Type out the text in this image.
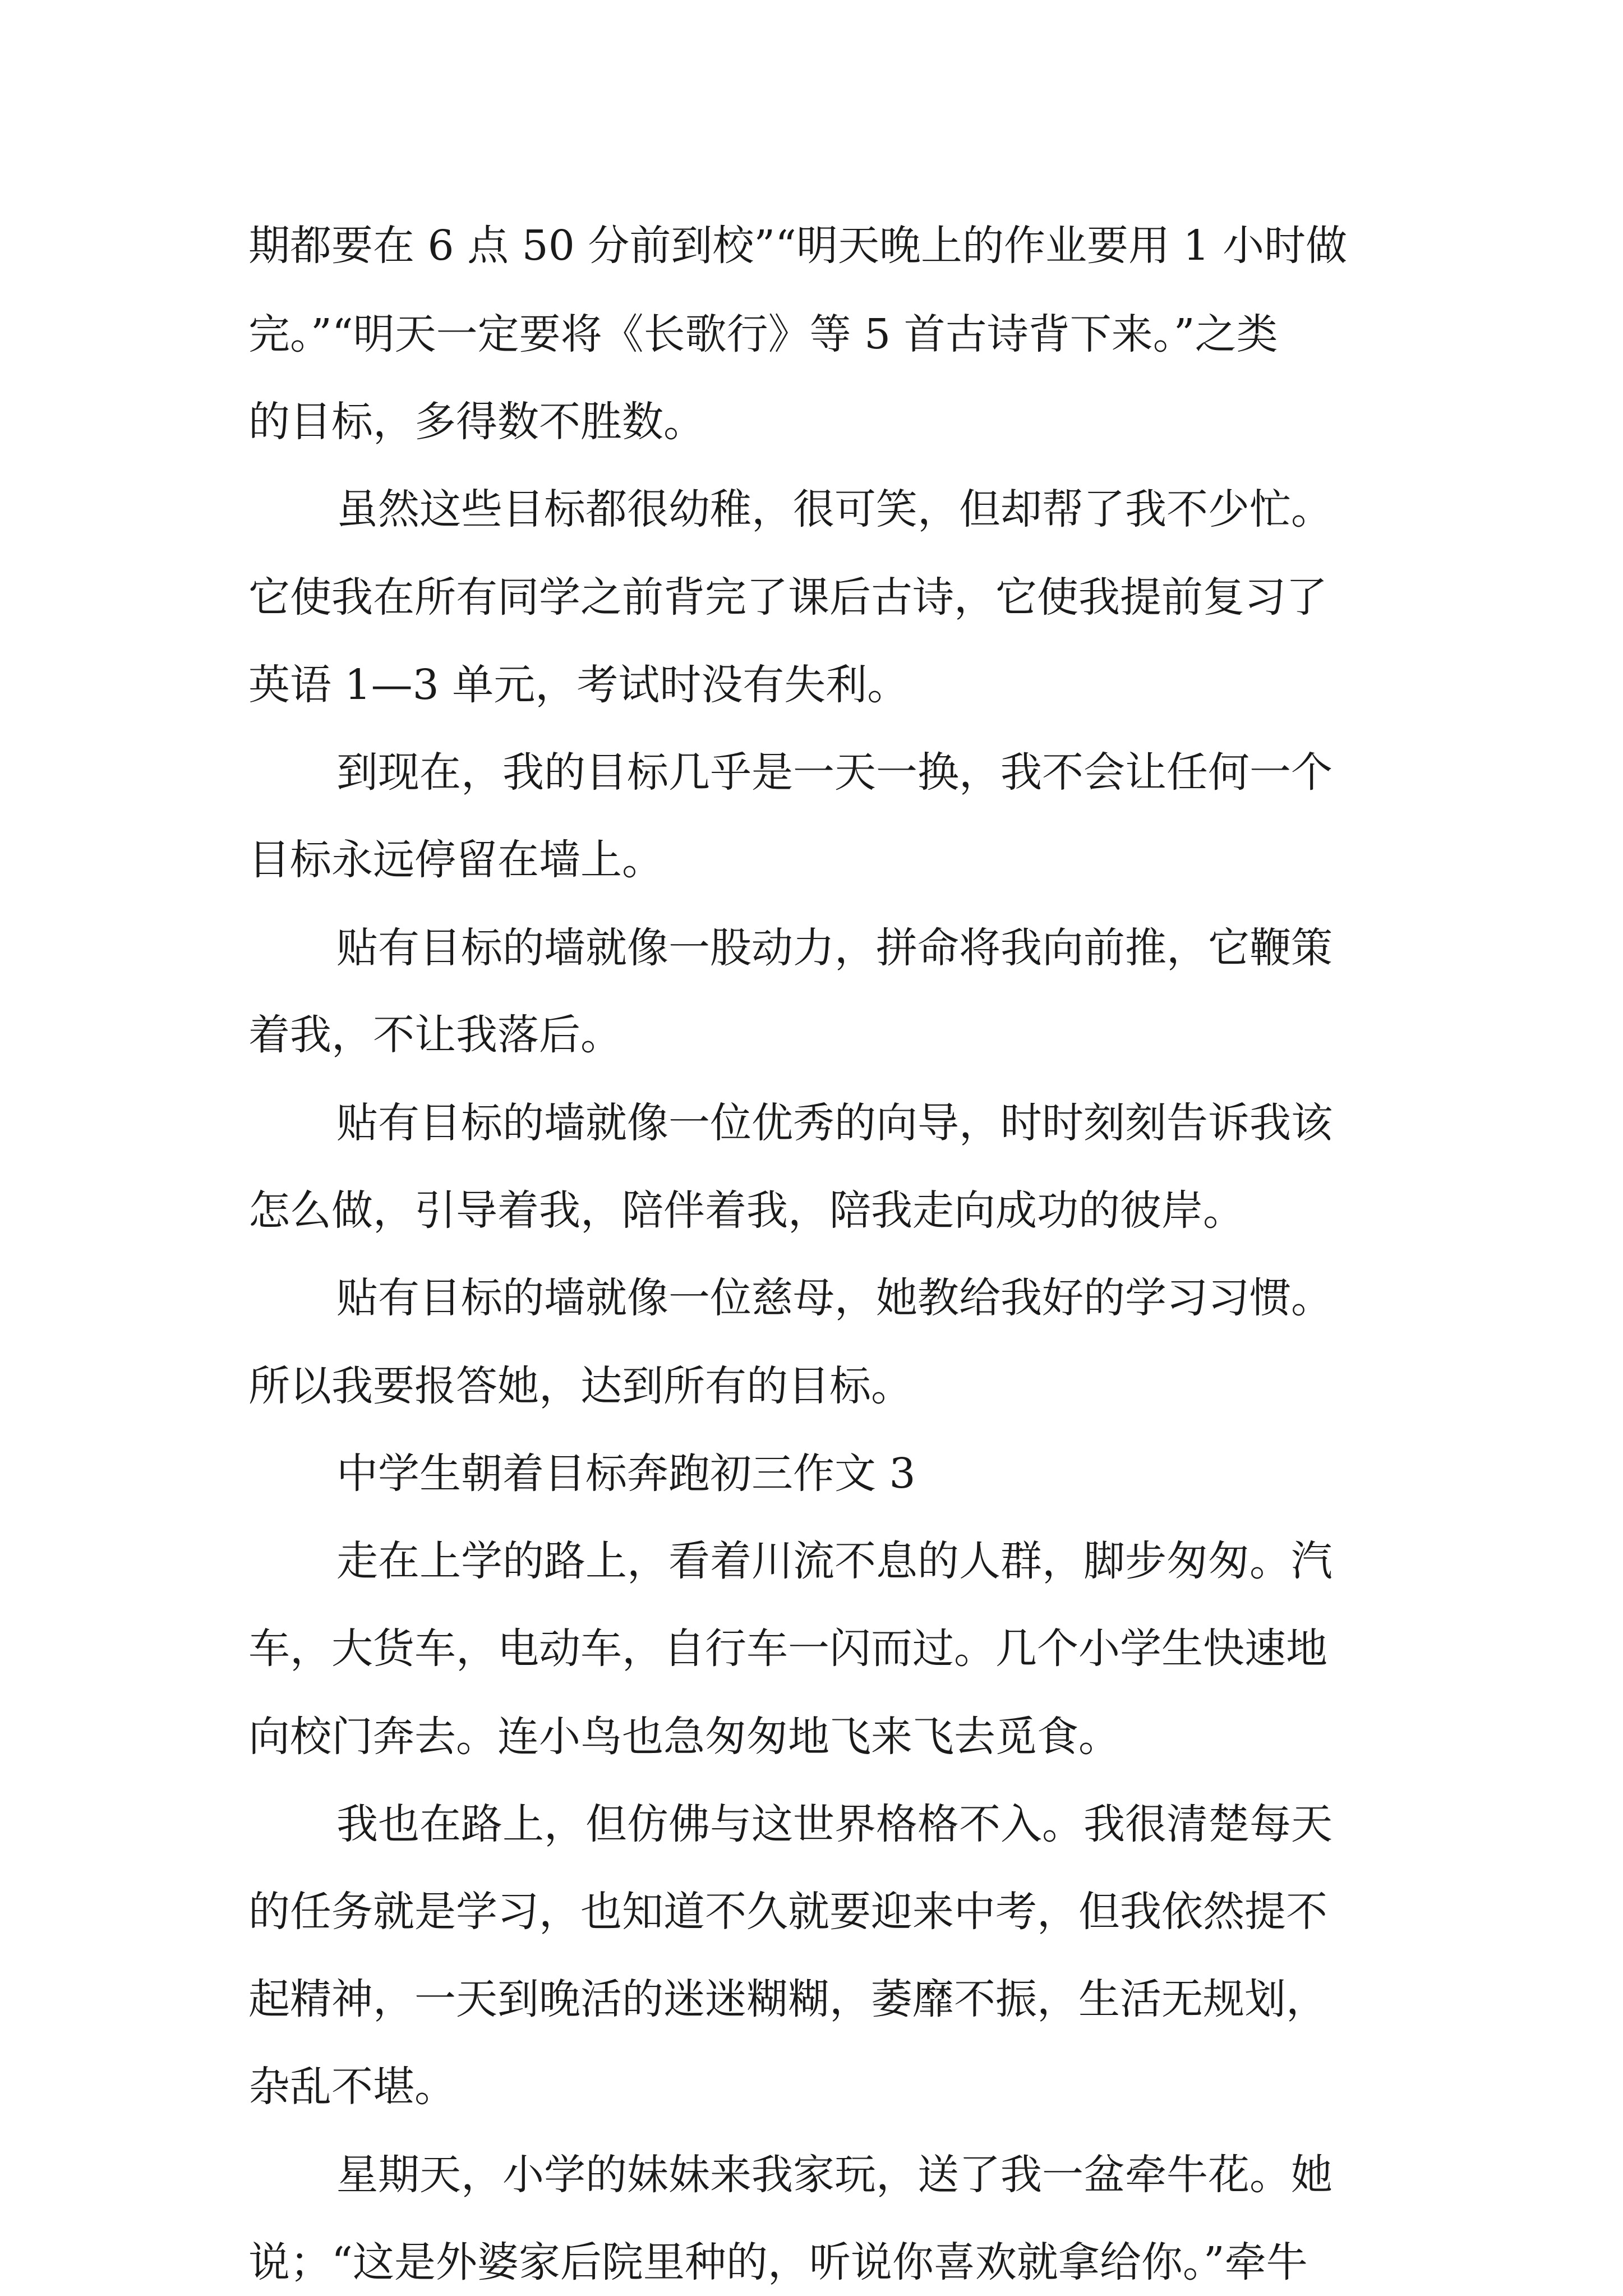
期都要在 6 点 50 分前到校”“明天晚上的作业要用 1 小时做
完。”“明天一定要将《长歌行》等 5 首古诗背下来。”之类
的目标，多得数不胜数。
虽然这些目标都很幼稚，很可笑，但却帮了我不少忙。
它使我在所有同学之前背完了课后古诗，它使我提前复习了
英语 1—3 单元，考试时没有失利。
到现在，我的目标几乎是一天一换，我不会让任何一个
目标永远停留在墙上。
贴有目标的墙就像一股动力，拼命将我向前推，它鞭策
着我，不让我落后。
贴有目标的墙就像一位优秀的向导，时时刻刻告诉我该
怎么做，引导着我，陪伴着我，陪我走向成功的彼岸。
贴有目标的墙就像一位慈母，她教给我好的学习习惯。
所以我要报答她，达到所有的目标。
中学生朝着目标奔跑初三作文 3
走在上学的路上，看着川流不息的人群，脚步匆匆。汽
车，大货车，电动车，自行车一闪而过。几个小学生快速地
向校门奔去。连小鸟也急匆匆地飞来飞去觅食。
我也在路上，但仿佛与这世界格格不入。我很清楚每天
的任务就是学习，也知道不久就要迎来中考，但我依然提不
起精神，一天到晚活的迷迷糊糊，萎靡不振，生活无规划，
杂乱不堪。
星期天，小学的妹妹来我家玩，送了我一盆牵牛花。她
说；“这是外婆家后院里种的，听说你喜欢就拿给你。”牵牛
